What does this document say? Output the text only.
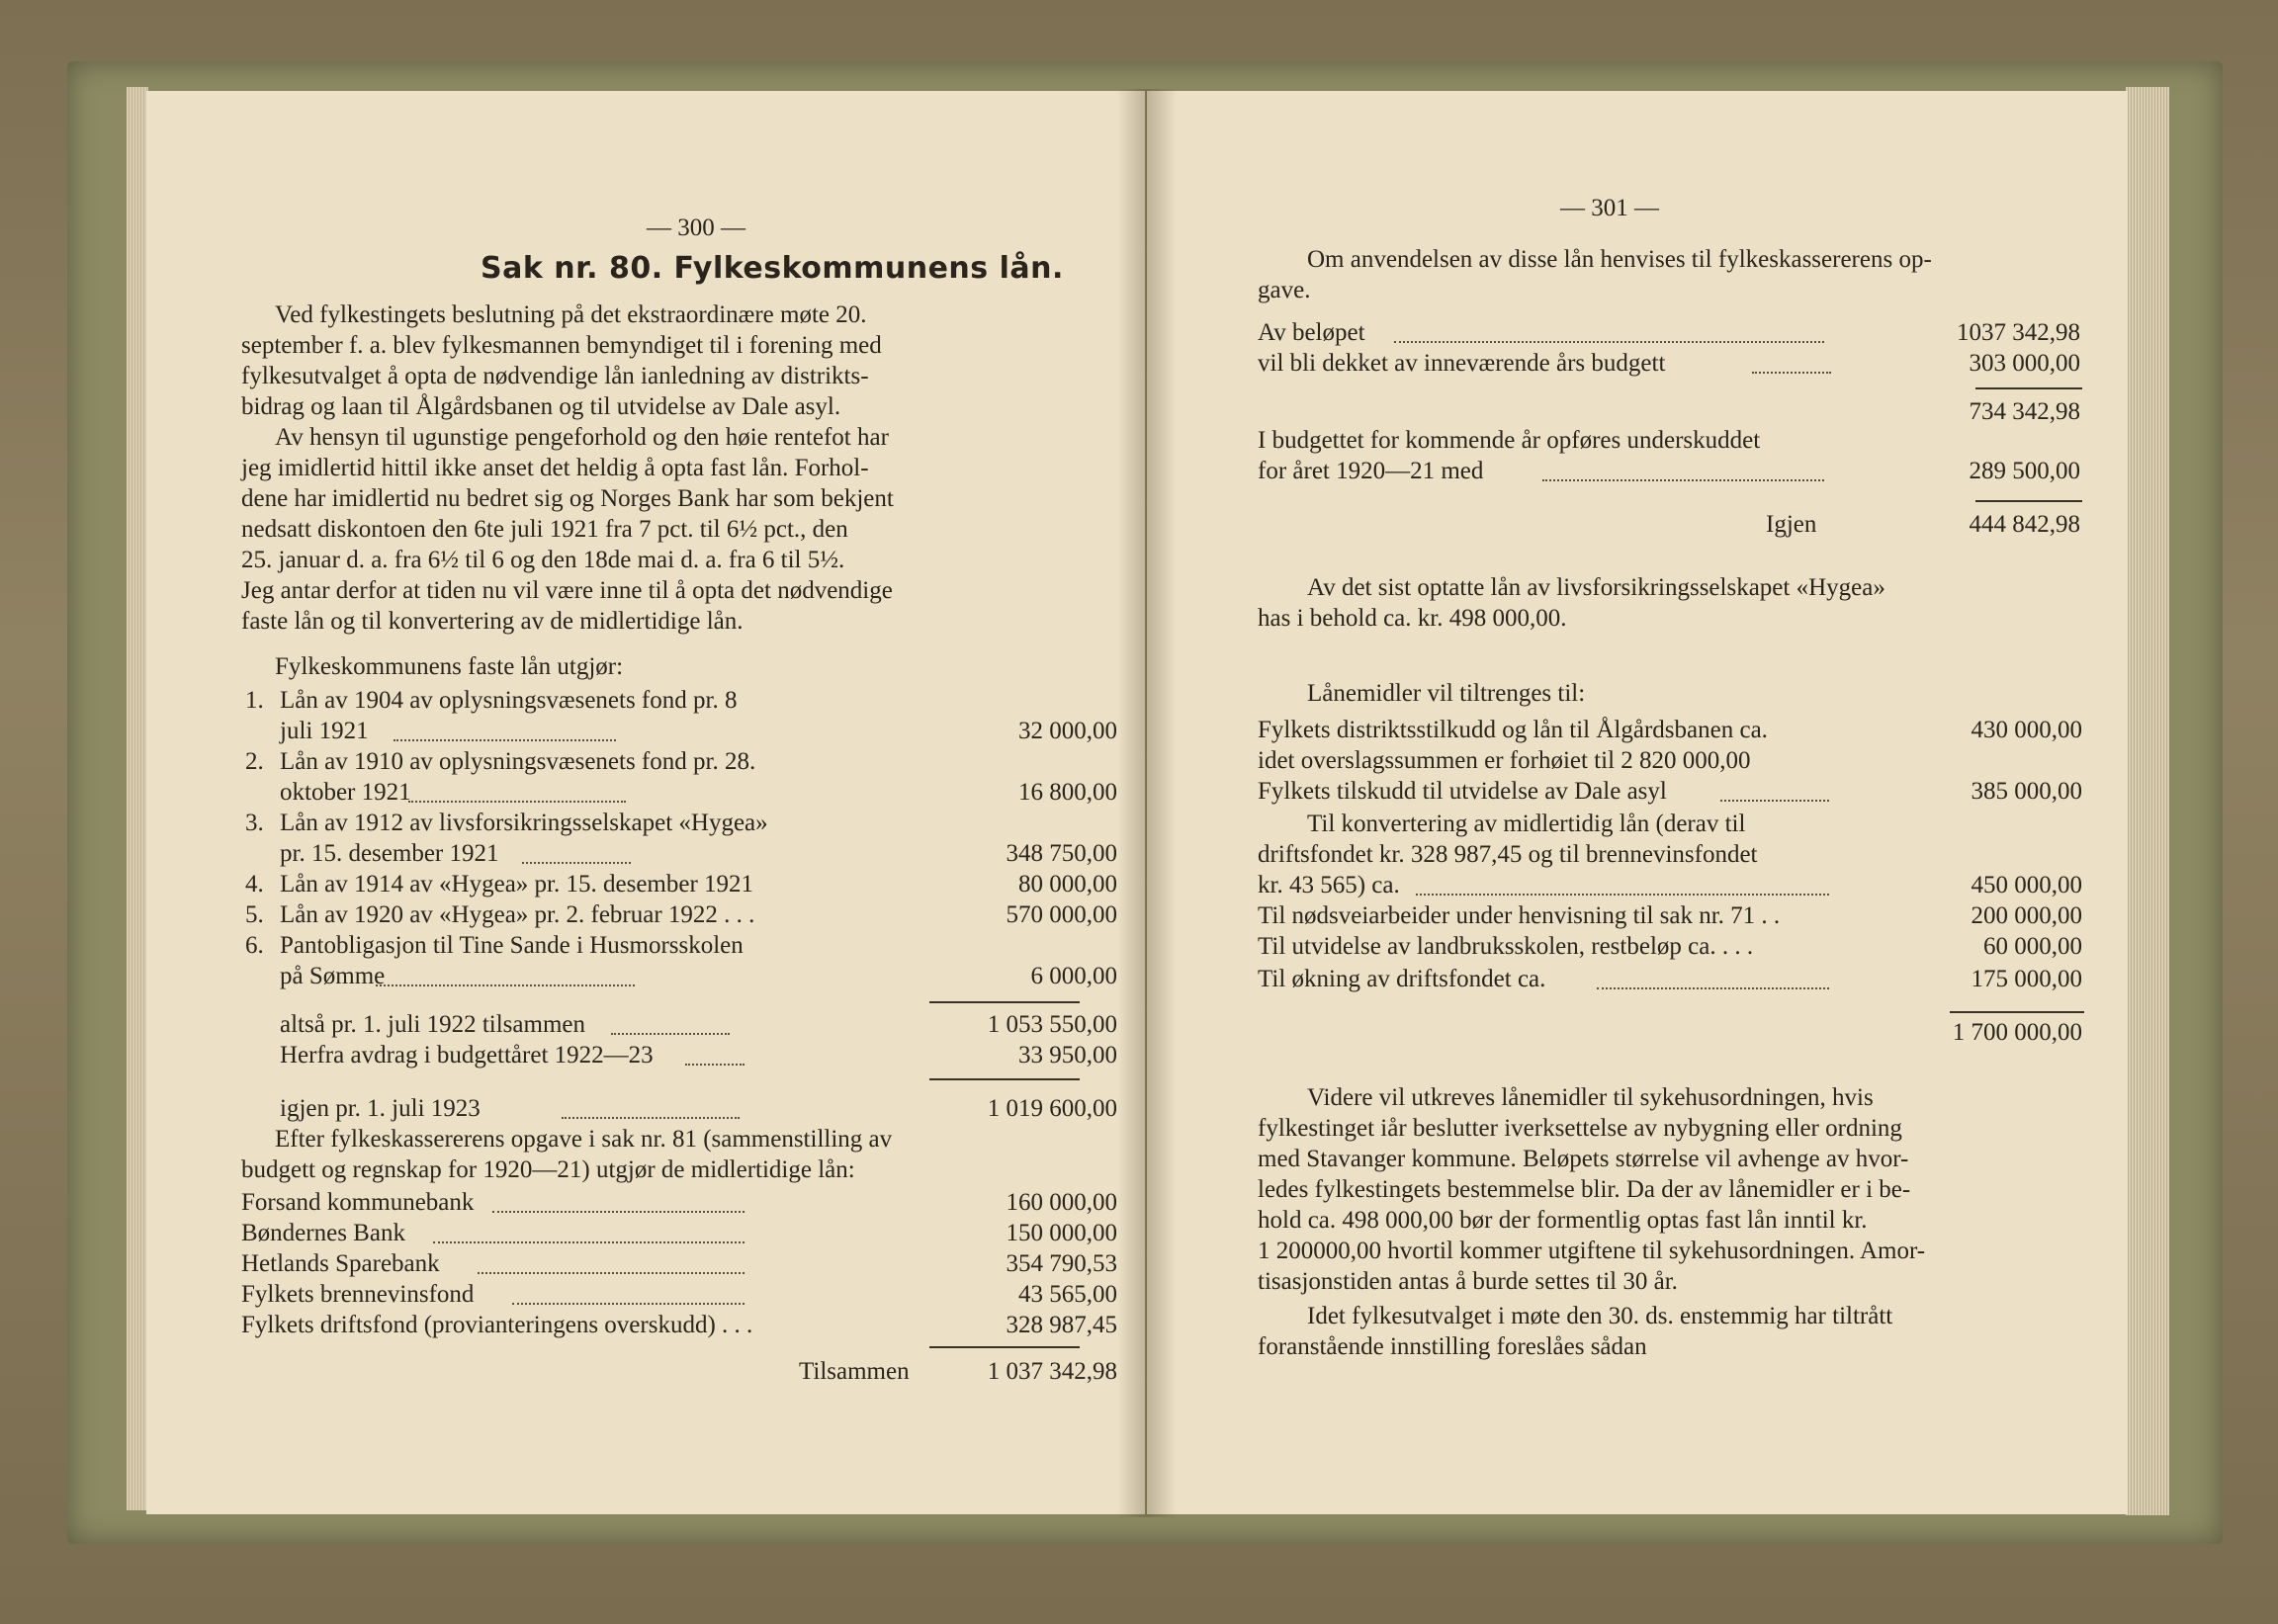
— 300 —
Sak nr. 80. Fylkeskommunens lån.
Ved fylkestingets beslutning på det ekstraordinære møte 20.
september f. a. blev fylkesmannen bemyndiget til i forening med
fylkesutvalget å opta de nødvendige lån ianledning av distrikts-
bidrag og laan til Ålgårdsbanen og til utvidelse av Dale asyl.
Av hensyn til ugunstige pengeforhold og den høie rentefot har
jeg imidlertid hittil ikke anset det heldig å opta fast lån. Forhol-
dene har imidlertid nu bedret sig og Norges Bank har som bekjent
nedsatt diskontoen den 6te juli 1921 fra 7 pct. til 6½ pct., den
25. januar d. a. fra 6½ til 6 og den 18de mai d. a. fra 6 til 5½.
Jeg antar derfor at tiden nu vil være inne til å opta det nødvendige
faste lån og til konvertering av de midlertidige lån.
Fylkeskommunens faste lån utgjør:
1. Lån av 1904 av oplysningsvæsenets fond pr. 8
juli 1921	32 000,00
2. Lån av 1910 av oplysningsvæsenets fond pr. 28.
oktober 1921	16 800,00
3. Lån av 1912 av livsforsikringsselskapet «Hygea»
pr. 15. desember 1921	348 750,00
4. Lån av 1914 av «Hygea» pr. 15. desember 1921	80 000,00
5. Lån av 1920 av «Hygea» pr. 2. februar 1922 . . .	570 000,00
6. Pantobligasjon til Tine Sande i Husmorsskolen
på Sømme	6 000,00
altså pr. 1. juli 1922 tilsammen	1 053 550,00
Herfra avdrag i budgettåret 1922—23	33 950,00
igjen pr. 1. juli 1923	1 019 600,00
Efter fylkeskassererens opgave i sak nr. 81 (sammenstilling av
budgett og regnskap for 1920—21) utgjør de midlertidige lån:
Forsand kommunebank	160 000,00
Bøndernes Bank	150 000,00
Hetlands Sparebank	354 790,53
Fylkets brennevinsfond	43 565,00
Fylkets driftsfond (provianteringens overskudd) . . .	328 987,45
Tilsammen	1 037 342,98
— 301 —
Om anvendelsen av disse lån henvises til fylkeskassererens op-
gave.
Av beløpet	1037 342,98
vil bli dekket av inneværende års budgett	303 000,00
734 342,98
I budgettet for kommende år opføres underskuddet
for året 1920—21 med	289 500,00
Igjen	444 842,98
Av det sist optatte lån av livsforsikringsselskapet «Hygea»
has i behold ca. kr. 498 000,00.
Lånemidler vil tiltrenges til:
Fylkets distriktsstilkudd og lån til Ålgårdsbanen ca.	430 000,00
idet overslagssummen er forhøiet til 2 820 000,00
Fylkets tilskudd til utvidelse av Dale asyl	385 000,00
Til konvertering av midlertidig lån (derav til
driftsfondet kr. 328 987,45 og til brennevinsfondet
kr. 43 565) ca.	450 000,00
Til nødsveiarbeider under henvisning til sak nr. 71 . .	200 000,00
Til utvidelse av landbruksskolen, restbeløp ca. . . .	60 000,00
Til økning av driftsfondet ca.	175 000,00
1 700 000,00
Videre vil utkreves lånemidler til sykehusordningen, hvis
fylkestinget iår beslutter iverksettelse av nybygning eller ordning
med Stavanger kommune. Beløpets størrelse vil avhenge av hvor-
ledes fylkestingets bestemmelse blir. Da der av lånemidler er i be-
hold ca. 498 000,00 bør der formentlig optas fast lån inntil kr.
1 200000,00 hvortil kommer utgiftene til sykehusordningen. Amor-
tisasjonstiden antas å burde settes til 30 år.
Idet fylkesutvalget i møte den 30. ds. enstemmig har tiltrått
foranstående innstilling foreslåes sådan
